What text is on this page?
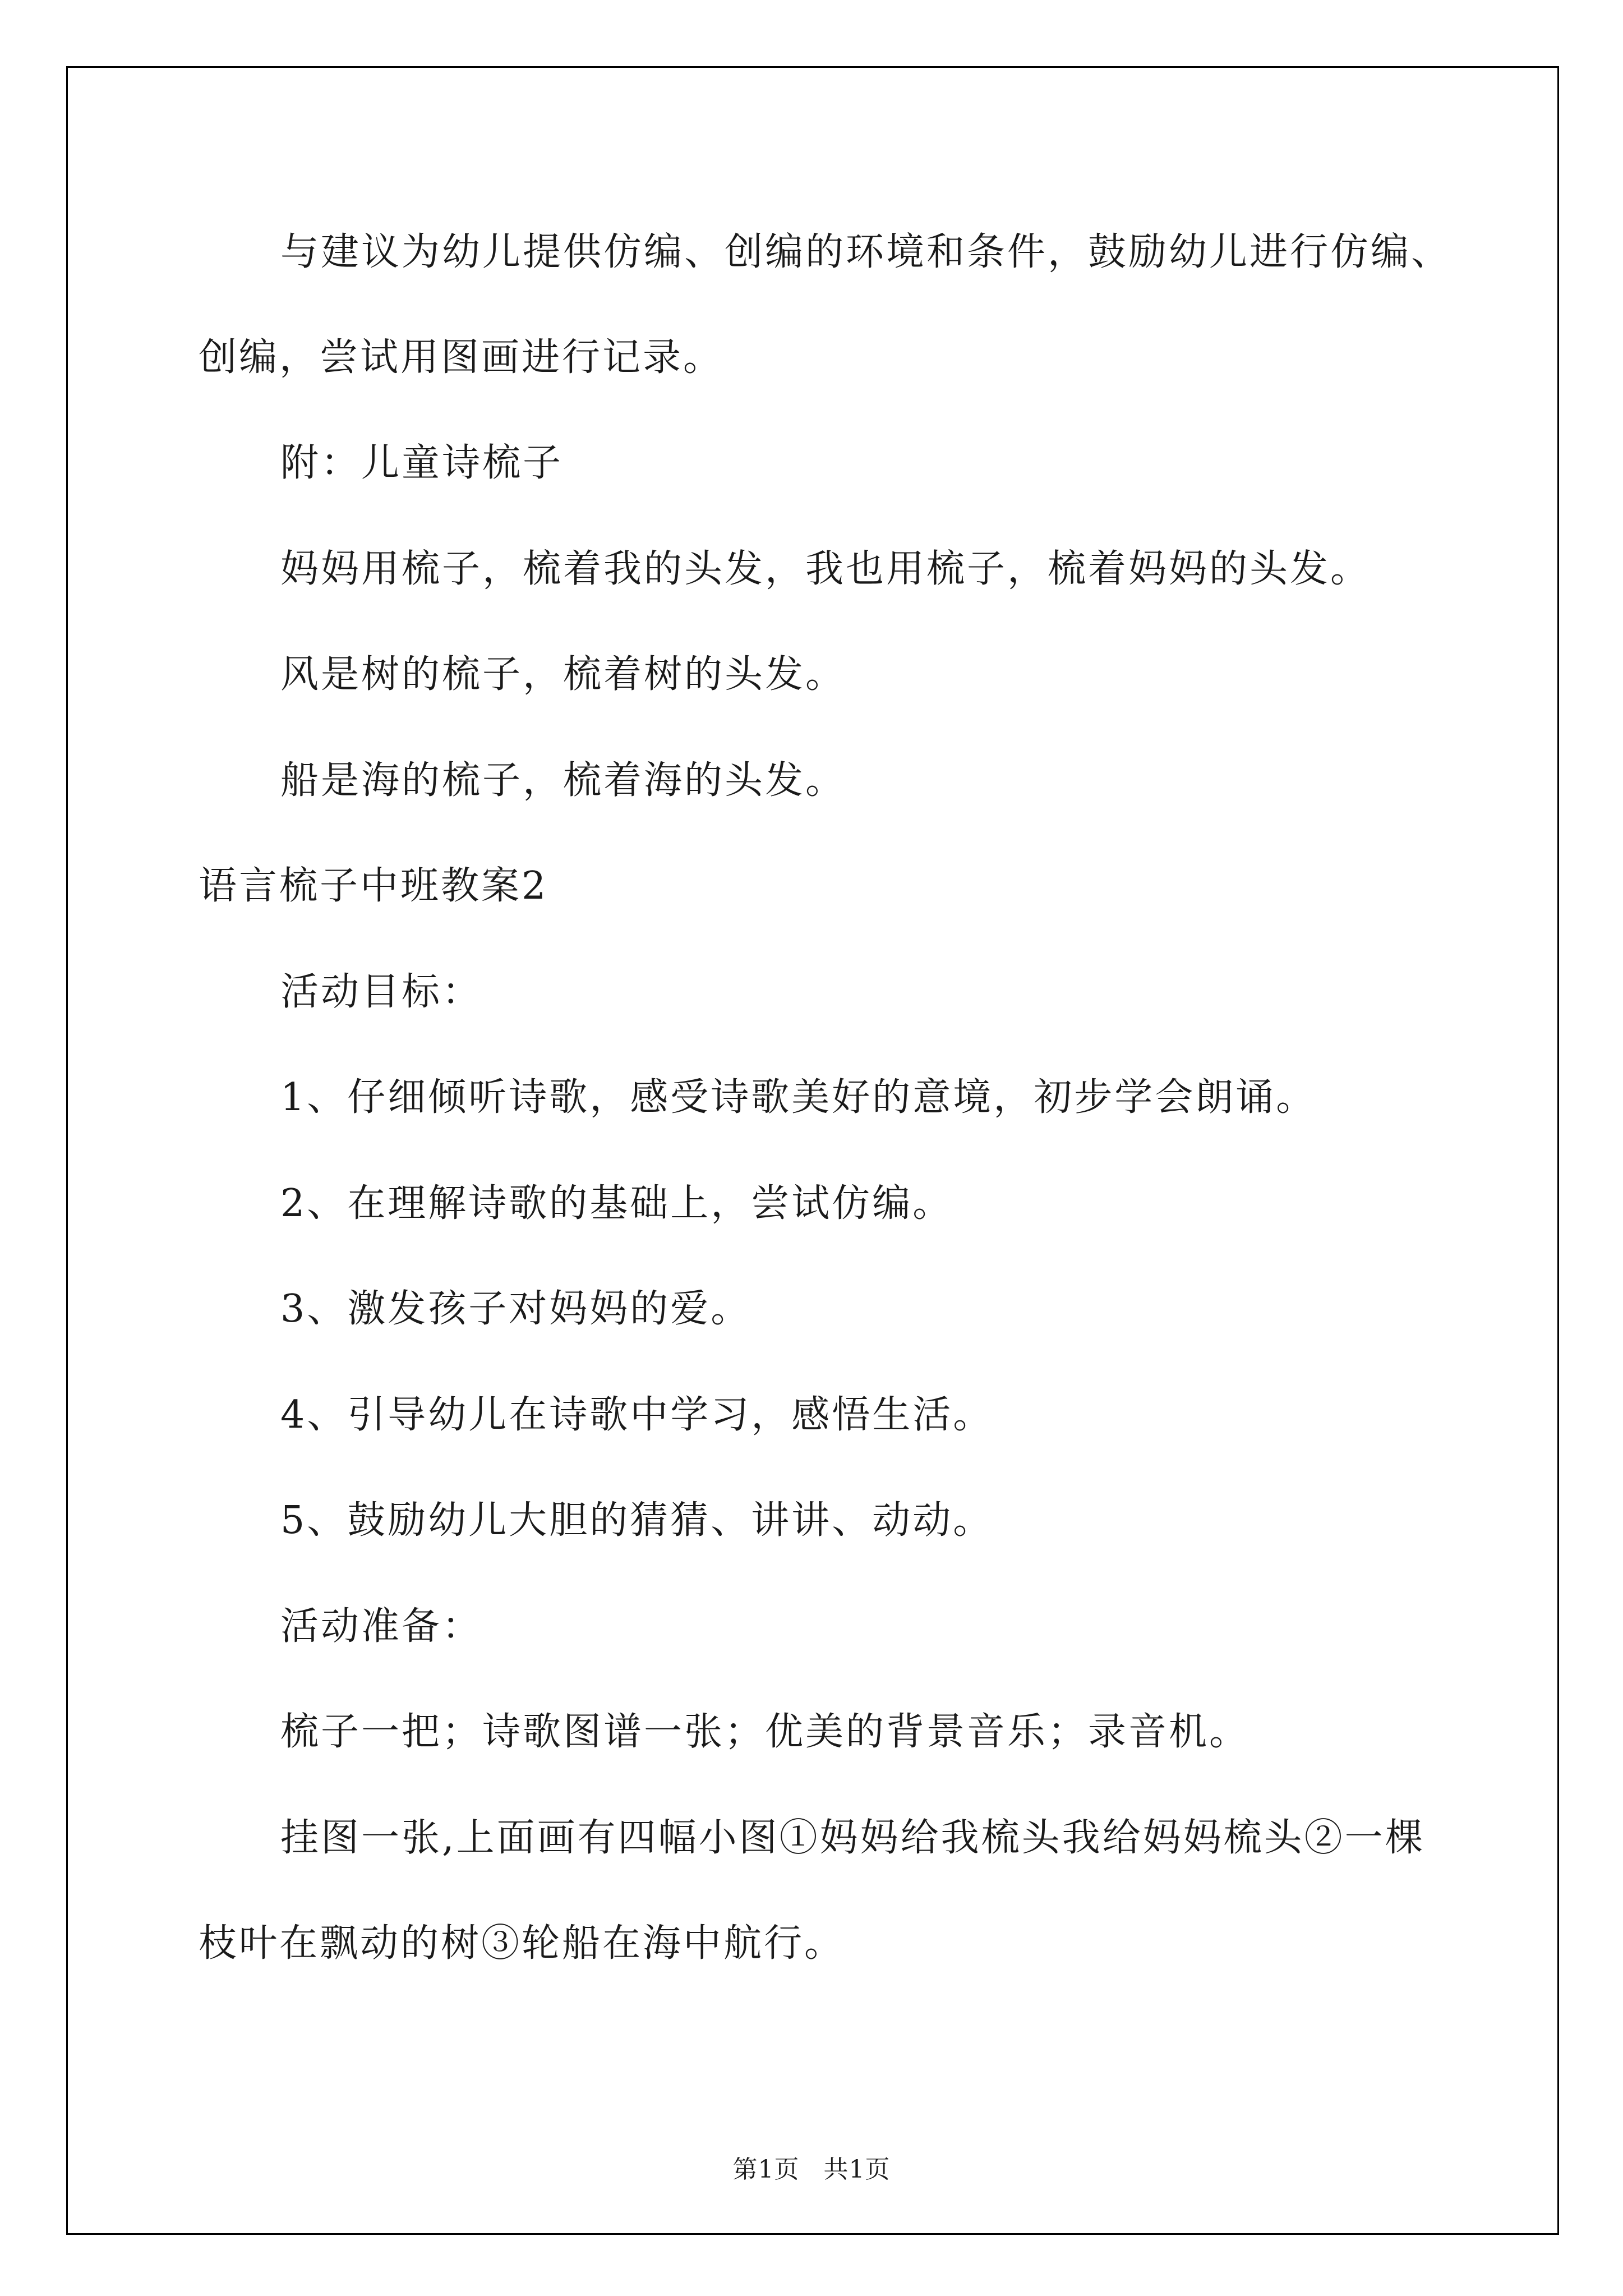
与建议为幼儿提供仿编、创编的环境和条件，鼓励幼儿进行仿编、
创编，尝试用图画进行记录。
附：儿童诗梳子
妈妈用梳子，梳着我的头发，我也用梳子，梳着妈妈的头发。
风是树的梳子，梳着树的头发。
船是海的梳子，梳着海的头发。
语言梳子中班教案2
活动目标：
1、仔细倾听诗歌，感受诗歌美好的意境，初步学会朗诵。
2、在理解诗歌的基础上，尝试仿编。
3、激发孩子对妈妈的爱。
4、引导幼儿在诗歌中学习，感悟生活。
5、鼓励幼儿大胆的猜猜、讲讲、动动。
活动准备：
梳子一把；诗歌图谱一张；优美的背景音乐；录音机。
挂图一张,上面画有四幅小图①妈妈给我梳头我给妈妈梳头②一棵
枝叶在飘动的树③轮船在海中航行。
第1页 共1页
